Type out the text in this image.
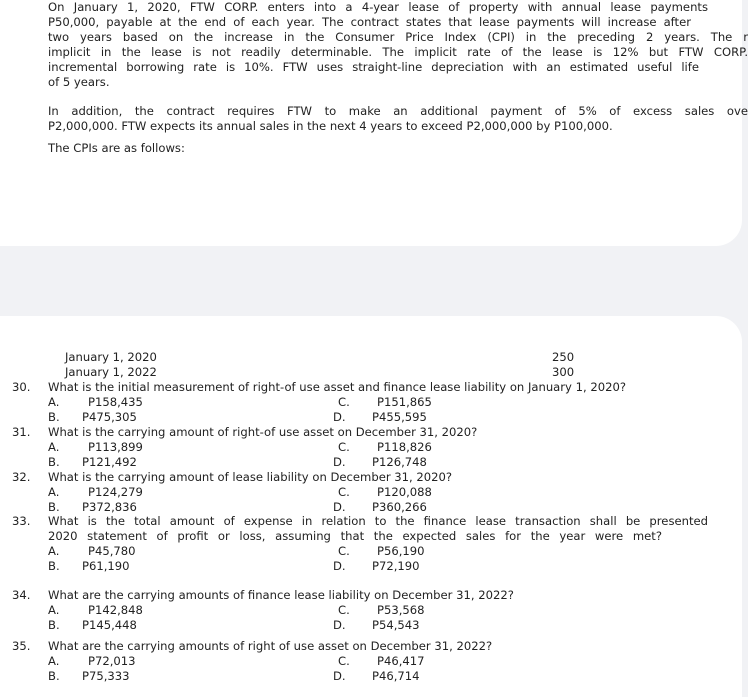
On January 1, 2020, FTW CORP. enters into a 4-year lease of property with annual lease payments
P50,000, payable at the end of each year. The contract states that lease payments will increase after
two years based on the increase in the Consumer Price Index (CPI) in the preceding 2 years. The r
implicit in the lease is not readily determinable. The implicit rate of the lease is 12% but FTW CORP.
incremental borrowing rate is 10%. FTW uses straight-line depreciation with an estimated useful life
of 5 years.
In addition, the contract requires FTW to make an additional payment of 5% of excess sales ove
P2,000,000. FTW expects its annual sales in the next 4 years to exceed P2,000,000 by P100,000.
The CPIs are as follows:
January 1, 2020	250
January 1, 2022	300
30. What is the initial measurement of right-of use asset and finance lease liability on January 1, 2020?
A. P158,435	C. P151,865
B. P475,305	D. P455,595
31. What is the carrying amount of right-of use asset on December 31, 2020?
A. P113,899	C. P118,826
B. P121,492	D. P126,748
32. What is the carrying amount of lease liability on December 31, 2020?
A. P124,279	C. P120,088
B. P372,836	D. P360,266
33. What is the total amount of expense in relation to the finance lease transaction shall be presented
2020 statement of profit or loss, assuming that the expected sales for the year were met?
A. P45,780	C. P56,190
B. P61,190	D. P72,190
34. What are the carrying amounts of finance lease liability on December 31, 2022?
A. P142,848	C. P53,568
B. P145,448	D. P54,543
35. What are the carrying amounts of right of use asset on December 31, 2022?
A. P72,013	C. P46,417
B. P75,333	D. P46,714
